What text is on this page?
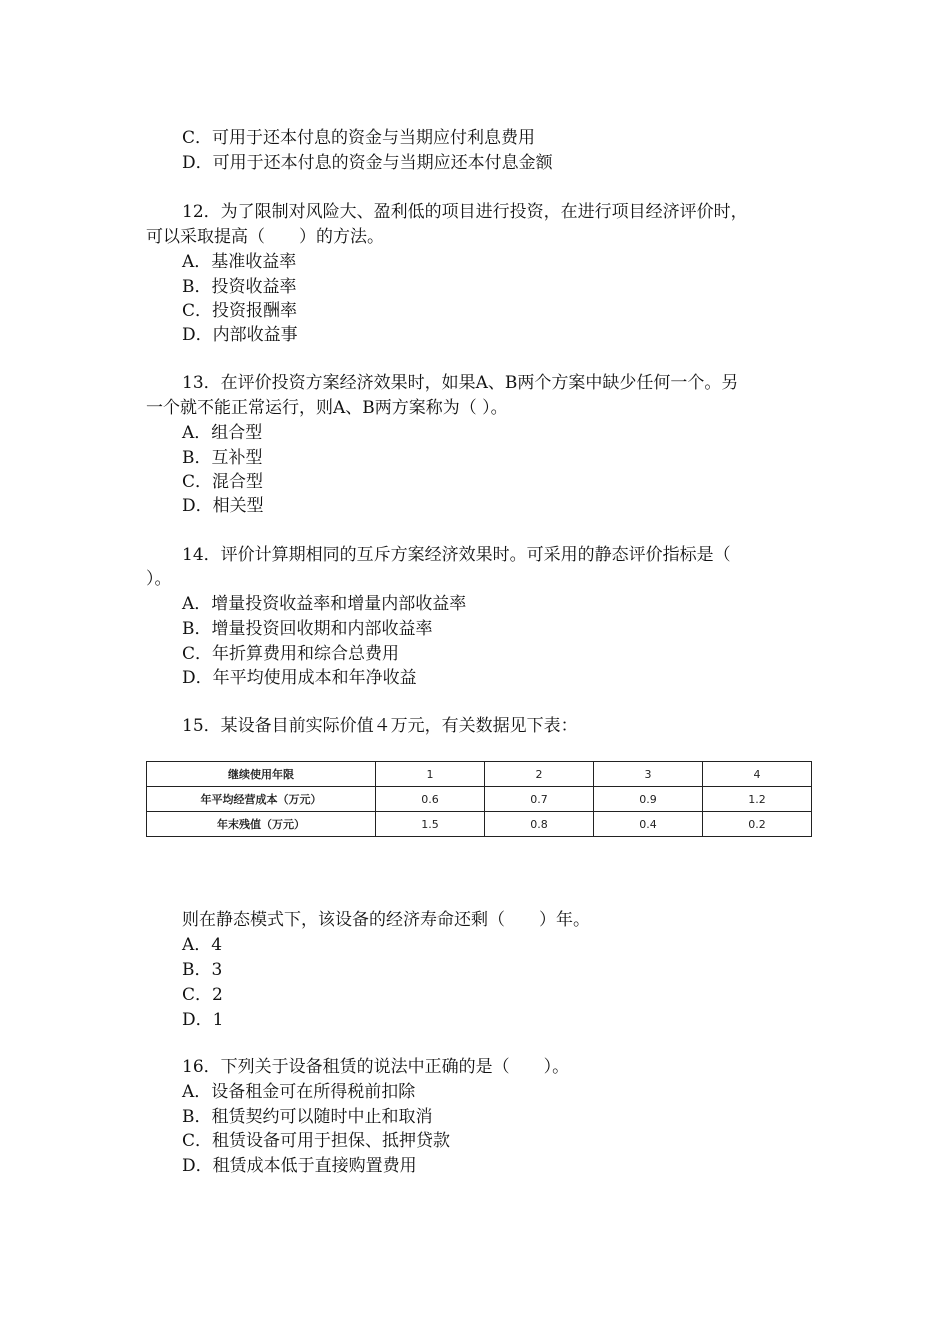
C．可用于还本付息的资金与当期应付利息费用
D．可用于还本付息的资金与当期应还本付息金额
12．为了限制对风险大、盈利低的项目进行投资，在进行项目经济评价时，
可以采取提高（　　）的方法。
A．基准收益率
B．投资收益率
C．投资报酬率
D．内部收益事
13．在评价投资方案经济效果时，如果A、B两个方案中缺少任何一个。另
一个就不能正常运行，则A、B两方案称为（ ）。
A．组合型
B．互补型
C．混合型
D．相关型
14．评价计算期相同的互斥方案经济效果时。可采用的静态评价指标是（
）。
A．增量投资收益率和增量内部收益率
B．增量投资回收期和内部收益率
C．年折算费用和综合总费用
D．年平均使用成本和年净收益
15．某设备目前实际价值４万元，有关数据见下表：
继续使用年限	1	2	3	4
年平均经营成本（万元）	0.6	0.7	0.9	1.2
年末残值（万元）	1.5	0.8	0.4	0.2
则在静态模式下，该设备的经济寿命还剩（　　）年。
A．4
B．3
C．2
D．1
16．下列关于设备租赁的说法中正确的是（　　）。
A．设备租金可在所得税前扣除
B．租赁契约可以随时中止和取消
C．租赁设备可用于担保、抵押贷款
D．租赁成本低于直接购置费用
